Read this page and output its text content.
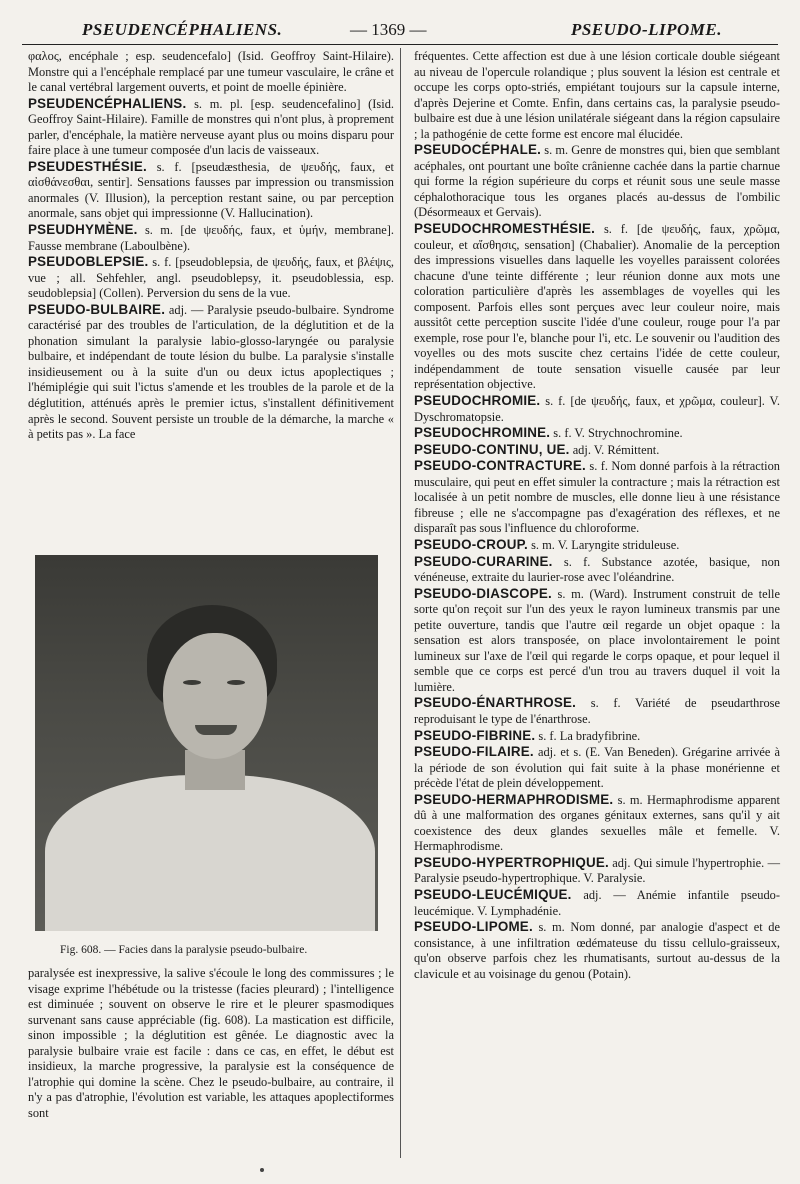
PSEUDENCÉPHALIENS.	— 1369 —	PSEUDO-LIPOME.

φαλος, encéphale ; esp. seudencefalo] (Isid. Geoffroy Saint-Hilaire). Monstre qui a l'encéphale remplacé par une tumeur vasculaire, le crâne et le canal vertébral largement ouverts, et point de moelle épinière.

PSEUDENCÉPHALIENS. s. m. pl. [esp. seudencefalino] (Isid. Geoffroy Saint-Hilaire). Famille de monstres qui n'ont plus, à proprement parler, d'encéphale, la matière nerveuse ayant plus ou moins disparu pour faire place à une tumeur composée d'un lacis de vaisseaux.

PSEUDESTHÉSIE. s. f. [pseudæsthesia, de ψευδής, faux, et αἰσθάνεσθαι, sentir]. Sensations fausses par impression ou transmission anormales (V. Illusion), la perception restant saine, ou par perception anormale, sans objet qui impressionne (V. Hallucination).

PSEUDHYMÈNE. s. m. [de ψευδής, faux, et ὑμήν, membrane]. Fausse membrane (Laboulbène).

PSEUDOBLEPSIE. s. f. [pseudoblepsia, de ψευδής, faux, et βλέψις, vue ; all. Sehfehler, angl. pseudoblepsy, it. pseudoblessia, esp. seudoblepsia] (Collen). Perversion du sens de la vue.

PSEUDO-BULBAIRE. adj. — Paralysie pseudo-bulbaire. Syndrome caractérisé par des troubles de l'articulation, de la déglutition et de la phonation simulant la paralysie labio-glosso-laryngée ou paralysie bulbaire, et indépendant de toute lésion du bulbe. La paralysie s'installe insidieusement ou à la suite d'un ou deux ictus apoplectiques ; l'hémiplégie qui suit l'ictus s'amende et les troubles de la parole et de la déglutition, atténués après le premier ictus, s'installent définitivement après le second. Souvent persiste un trouble de la démarche, la marche « à petits pas ». La face

Fig. 608. — Facies dans la paralysie pseudo-bulbaire.

paralysée est inexpressive, la salive s'écoule le long des commissures ; le visage exprime l'hébétude ou la tristesse (facies pleurard) ; l'intelligence est diminuée ; souvent on observe le rire et le pleurer spasmodiques survenant sans cause appréciable (fig. 608). La mastication est difficile, sinon impossible ; la déglutition est gênée. Le diagnostic avec la paralysie bulbaire vraie est facile : dans ce cas, en effet, le début est insidieux, la marche progressive, la paralysie est la conséquence de l'atrophie qui domine la scène. Chez le pseudo-bulbaire, au contraire, il n'y a pas d'atrophie, l'évolution est variable, les attaques apoplectiformes sont

fréquentes. Cette affection est due à une lésion corticale double siégeant au niveau de l'opercule rolandique ; plus souvent la lésion est centrale et occupe les corps opto-striés, empiétant toujours sur la capsule interne, d'après Dejerine et Comte. Enfin, dans certains cas, la paralysie pseudo-bulbaire est due à une lésion unilatérale siégeant dans la région capsulaire ; la pathogénie de cette forme est encore mal élucidée.

PSEUDOCÉPHALE. s. m. Genre de monstres qui, bien que semblant acéphales, ont pourtant une boîte crânienne cachée dans la partie charnue qui forme la région supérieure du corps et réunit sous une seule masse céphalothoracique tous les organes placés au-dessus de l'ombilic (Désormeaux et Gervais).

PSEUDOCHROMESTHÉSIE. s. f. [de ψευδής, faux, χρῶμα, couleur, et αἴσθησις, sensation] (Chabalier). Anomalie de la perception des impressions visuelles dans laquelle les voyelles paraissent colorées chacune d'une teinte différente ; leur réunion donne aux mots une coloration particulière d'après les assemblages de voyelles qui les composent. Parfois elles sont perçues avec leur couleur noire, mais aussitôt cette perception suscite l'idée d'une couleur, rouge pour l'a par exemple, rose pour l'e, blanche pour l'i, etc. Le souvenir ou l'audition des voyelles ou des mots suscite chez certains l'idée de cette couleur, indépendamment de toute sensation visuelle causée par leur représentation objective.

PSEUDOCHROMIE. s. f. [de ψευδής, faux, et χρῶμα, couleur]. V. Dyschromatopsie.

PSEUDOCHROMINE. s. f. V. Strychnochromine.

PSEUDO-CONTINU, UE. adj. V. Rémittent.

PSEUDO-CONTRACTURE. s. f. Nom donné parfois à la rétraction musculaire, qui peut en effet simuler la contracture ; mais la rétraction est localisée à un petit nombre de muscles, elle donne lieu à une résistance fibreuse ; elle ne s'accompagne pas d'exagération des réflexes, et ne disparaît pas sous l'influence du chloroforme.

PSEUDO-CROUP. s. m. V. Laryngite striduleuse.

PSEUDO-CURARINE. s. f. Substance azotée, basique, non vénéneuse, extraite du laurier-rose avec l'oléandrine.

PSEUDO-DIASCOPE. s. m. (Ward). Instrument construit de telle sorte qu'on reçoit sur l'un des yeux le rayon lumineux transmis par une petite ouverture, tandis que l'autre œil regarde un objet opaque : la sensation est alors transposée, on place involontairement le point lumineux sur l'axe de l'œil qui regarde le corps opaque, et pour lequel il semble que ce corps est percé d'un trou au travers duquel il voit la lumière.

PSEUDO-ÉNARTHROSE. s. f. Variété de pseudarthrose reproduisant le type de l'énarthrose.

PSEUDO-FIBRINE. s. f. La bradyfibrine.

PSEUDO-FILAIRE. adj. et s. (E. Van Beneden). Grégarine arrivée à la période de son évolution qui fait suite à la phase monérienne et précède l'état de plein développement.

PSEUDO-HERMAPHRODISME. s. m. Hermaphrodisme apparent dû à une malformation des organes génitaux externes, sans qu'il y ait coexistence des deux glandes sexuelles mâle et femelle. V. Hermaphrodisme.

PSEUDO-HYPERTROPHIQUE. adj. Qui simule l'hypertrophie. — Paralysie pseudo-hypertrophique. V. Paralysie.

PSEUDO-LEUCÉMIQUE. adj. — Anémie infantile pseudo-leucémique. V. Lymphadénie.

PSEUDO-LIPOME. s. m. Nom donné, par analogie d'aspect et de consistance, à une infiltration œdémateuse du tissu cellulo-graisseux, qu'on observe parfois chez les rhumatisants, surtout au-dessus de la clavicule et au voisinage du genou (Potain).
